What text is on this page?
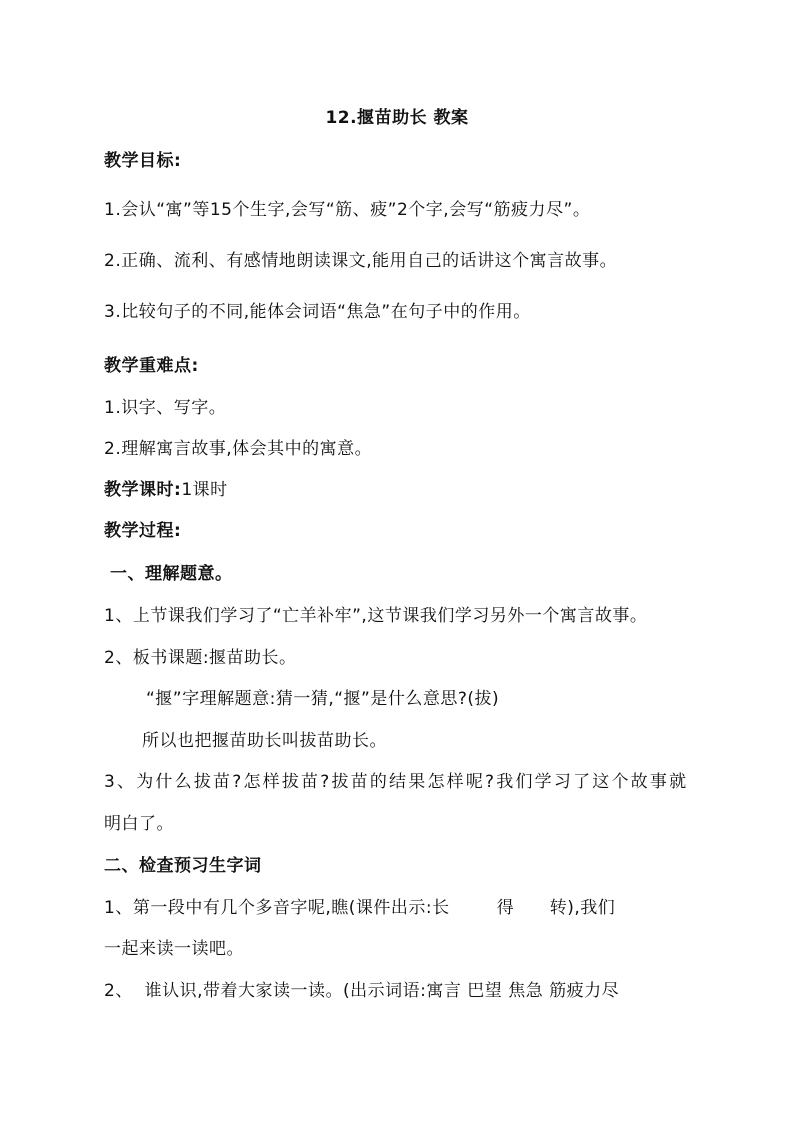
12.揠苗助长 教案
教学目标:
1.会认“寓”等15个生字,会写“筋、疲”2个字,会写“筋疲力尽”。
2.正确、流利、有感情地朗读课文,能用自己的话讲这个寓言故事。
3.比较句子的不同,能体会词语“焦急”在句子中的作用。
教学重难点:
1.识字、写字。
2.理解寓言故事,体会其中的寓意。
教学课时:1课时
教学过程:
一、理解题意。
1、上节课我们学习了“亡羊补牢”,这节课我们学习另外一个寓言故事。
2、板书课题:揠苗助长。
“揠”字理解题意:猜一猜,“揠”是什么意思?(拔)
所以也把揠苗助长叫拔苗助长。
3、为什么拔苗?怎样拔苗?拔苗的结果怎样呢?我们学习了这个故事就
明白了。
二、检查预习生字词
1、第一段中有几个多音字呢,瞧(课件出示:长        得      转),我们
一起来读一读吧。
2、  谁认识,带着大家读一读。(出示词语:寓言 巴望 焦急 筋疲力尽
